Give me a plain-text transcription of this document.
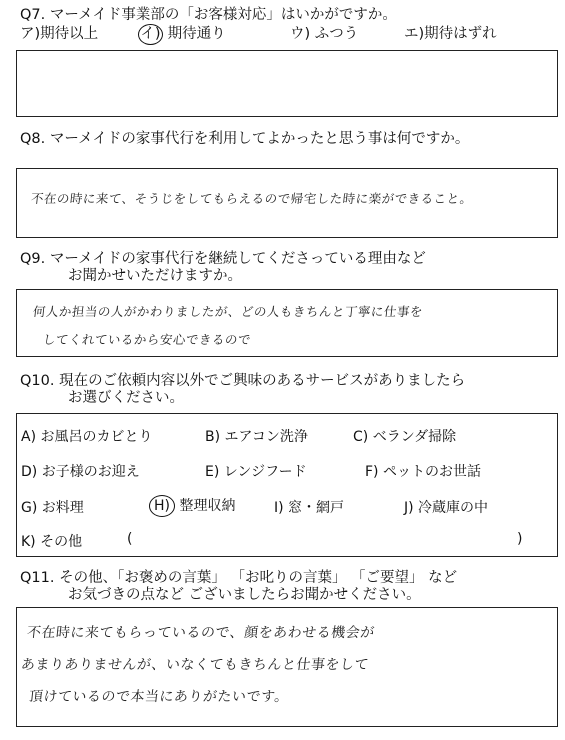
Q7. マーメイド事業部の「お客様対応」はいかがですか。
ア)期待以上	イ) 期待通り	ウ) ふつう	エ)期待はずれ
Q8. マーメイドの家事代行を利用してよかったと思う事は何ですか。
不在の時に来て、そうじをしてもらえるので帰宅した時に楽ができること。
Q9. マーメイドの家事代行を継続してくださっている理由など
お聞かせいただけますか。
何人か担当の人がかわりましたが、どの人もきちんと丁寧に仕事を
してくれているから安心できるので
Q10. 現在のご依頼内容以外でご興味のあるサービスがありましたら
お選びください。
A) お風呂のカビとり	B) エアコン洗浄	C) ベランダ掃除
D) お子様のお迎え	E) レンジフード	F) ペットのお世話
G) お料理	H) 整理収納	I) 窓・網戸	J) 冷蔵庫の中
K) その他	(	)
Q11. その他、「お褒めの言葉」 「お叱りの言葉」 「ご要望」 など
お気づきの点など ございましたらお聞かせください。
不在時に来てもらっているので、顔をあわせる機会が
あまりありませんが、いなくてもきちんと仕事をして
頂けているので本当にありがたいです。
